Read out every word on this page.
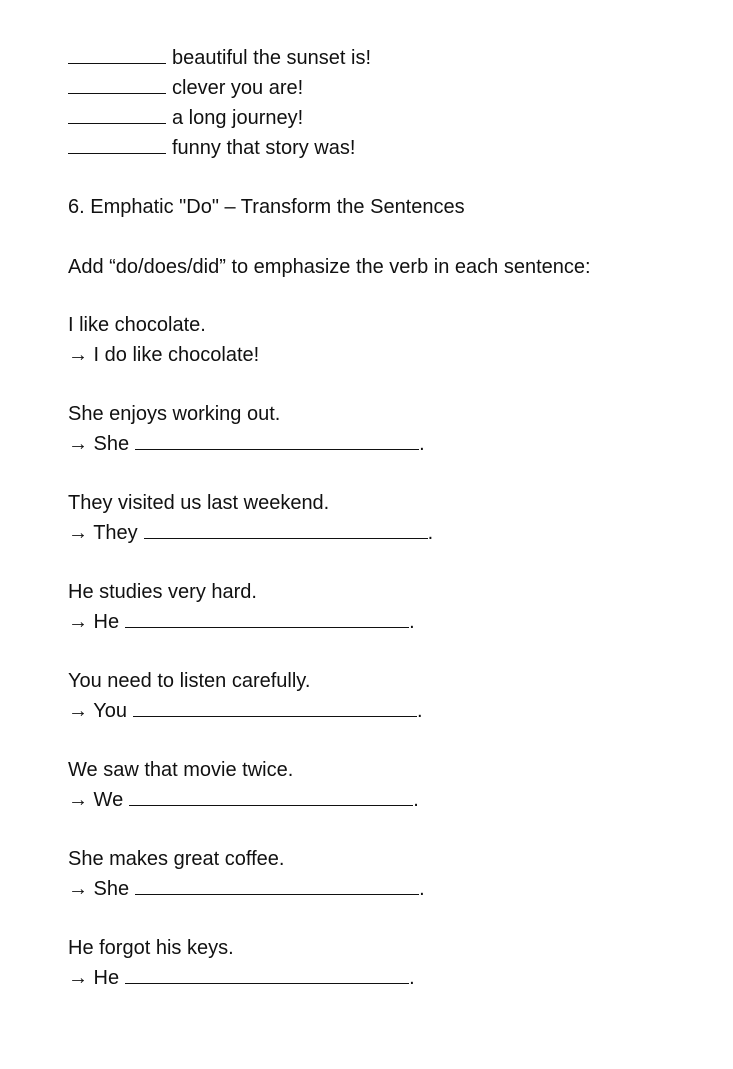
beautiful the sunset is!
clever you are!
a long journey!
funny that story was!
6. Emphatic "Do" – Transform the Sentences
Add “do/does/did” to emphasize the verb in each sentence:
I like chocolate.
→ I do like chocolate!
She enjoys working out.
→ She	.
They visited us last weekend.
→ They	.
He studies very hard.
→ He	.
You need to listen carefully.
→ You	.
We saw that movie twice.
→ We	.
She makes great coffee.
→ She	.
He forgot his keys.
→ He	.
